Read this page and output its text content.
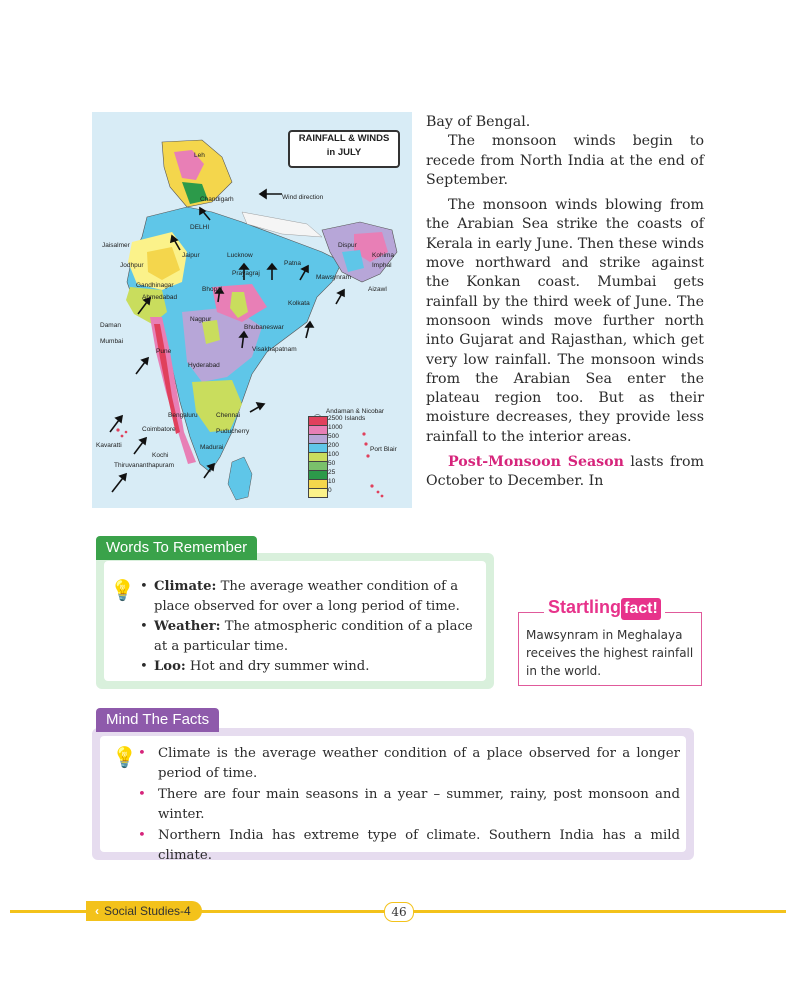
RAINFALL & WINDS
in JULY
Leh
Chandigarh
DELHI
Jaisalmer
Jaipur
Jodhpur
Lucknow
Prayagraj
Patna
Gandhinagar
Ahmedabad
Bhopal
Nagpur
Kolkata
Daman
Mumbai
Pune
Bhubaneswar
Visakhapatnam
Hyderabad
Bengaluru	Chennai
Puducherry
Coimbatore
Madurai
Kochi
Thiruvananthapuram
Kavaratti
Dispur
Kohima
Imphal
Mawsynram
Aizawl
Port Blair
Wind direction
Andaman & Nicobar Islands
2500
1000
500
200
100
50
25
10
0

Bay of Bengal.

The monsoon winds begin to recede from North India at the end of September.

The monsoon winds blowing from the Arabian Sea strike the coasts of Kerala in early June. Then these winds move northward and strike against the Konkan coast. Mumbai gets rainfall by the third week of June. The monsoon winds move further north into Gujarat and Rajasthan, which get very low rainfall. The monsoon winds from the Arabian Sea enter the plateau region too. But as their moisture decreases, they provide less rainfall to the interior areas.

Post-Monsoon Season lasts from October to December. In

Words To Remember
💡 • Climate: The average weather condition of a place observed for over a long period of time.
• Weather: The atmospheric condition of a place at a particular time.
• Loo: Hot and dry summer wind.
Startling fact!
Mawsynram in Meghalaya receives the highest rainfall in the world.
Mind The Facts
💡 • Climate is the average weather condition of a place observed for a longer period of time.
• There are four main seasons in a year – summer, rainy, post monsoon and winter.
• Northern India has extreme type of climate. Southern India has a mild climate.
‹ Social Studies-4	46
